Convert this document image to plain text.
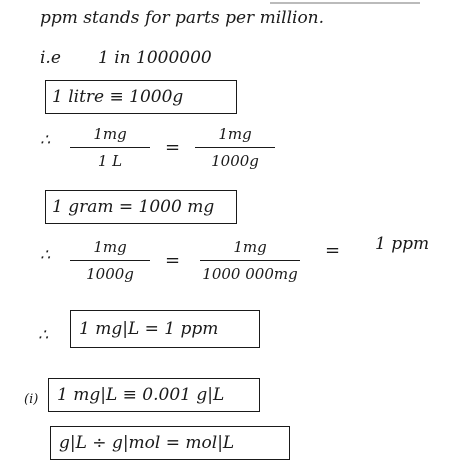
ppm stands for parts per million.
i.e 1 in 1000000
1 litre ≡ 1000g
∴	1mg
1 L
=
1mg
1000g
1 gram = 1000 mg
∴	1mg
1000g
=
1mg
1000 000mg
= 1 ppm
∴ 1 mg|L = 1 ppm
(i) 1 mg|L ≡ 0.001 g|L
g|L ÷ g|mol = mol|L
